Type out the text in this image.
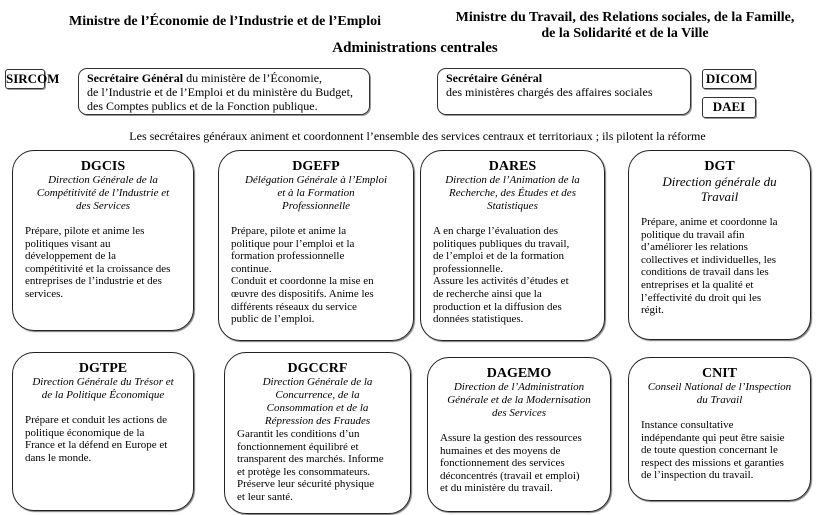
Ministre de l’Économie de l’Industrie et de l’Emploi	Ministre du Travail, des Relations sociales, de la Famille,
de la Solidarité et de la Ville
Administrations centrales
SIRCOM	Secrétaire Général du ministère de l’Économie,
de l’Industrie et de l’Emploi et du ministère du Budget,
des Comptes publics et de la Fonction publique.
Secrétaire Général
des ministères chargés des affaires sociales
DICOM
DAEI
Les secrétaires généraux animent et coordonnent l’ensemble des services centraux et territoriaux ; ils pilotent la réforme
DGCIS
Direction Générale de la
Compétitivité de l’Industrie et
des Services
Prépare, pilote et anime les
politiques visant au
développement de la
compétitivité et la croissance des
entreprises de l’industrie et des
services.
DGEFP
Délégation Générale à l’Emploi
et à la Formation
Professionnelle
Prépare, pilote et anime la
politique pour l’emploi et la
formation professionnelle
continue.
Conduit et coordonne la mise en
œuvre des dispositifs. Anime les
différents réseaux du service
public de l’emploi.
DARES
Direction de l’Animation de la
Recherche, des Études et des
Statistiques
A en charge l’évaluation des
politiques publiques du travail,
de l’emploi et de la formation
professionnelle.
Assure les activités d’études et
de recherche ainsi que la
production et la diffusion des
données statistiques.
DGT
Direction générale du
Travail
Prépare, anime et coordonne la
politique du travail afin
d’améliorer les relations
collectives et individuelles, les
conditions de travail dans les
entreprises et la qualité et
l’effectivité du droit qui les
régit.
DGTPE
Direction Générale du Trésor et
de la Politique Économique
Prépare et conduit les actions de
politique économique de la
France et la défend en Europe et
dans le monde.
DGCCRF
Direction Générale de la
Concurrence, de la
Consommation et de la
Répression des Fraudes
Garantit les conditions d’un
fonctionnement équilibré et
transparent des marchés. Informe
et protège les consommateurs.
Préserve leur sécurité physique
et leur santé.
DAGEMO
Direction de l’Administration
Générale et de la Modernisation
des Services
Assure la gestion des ressources
humaines et des moyens de
fonctionnement des services
déconcentrés (travail et emploi)
et du ministère du travail.
CNIT
Conseil National de l’Inspection
du Travail
Instance consultative
indépendante qui peut être saisie
de toute question concernant le
respect des missions et garanties
de l’inspection du travail.
